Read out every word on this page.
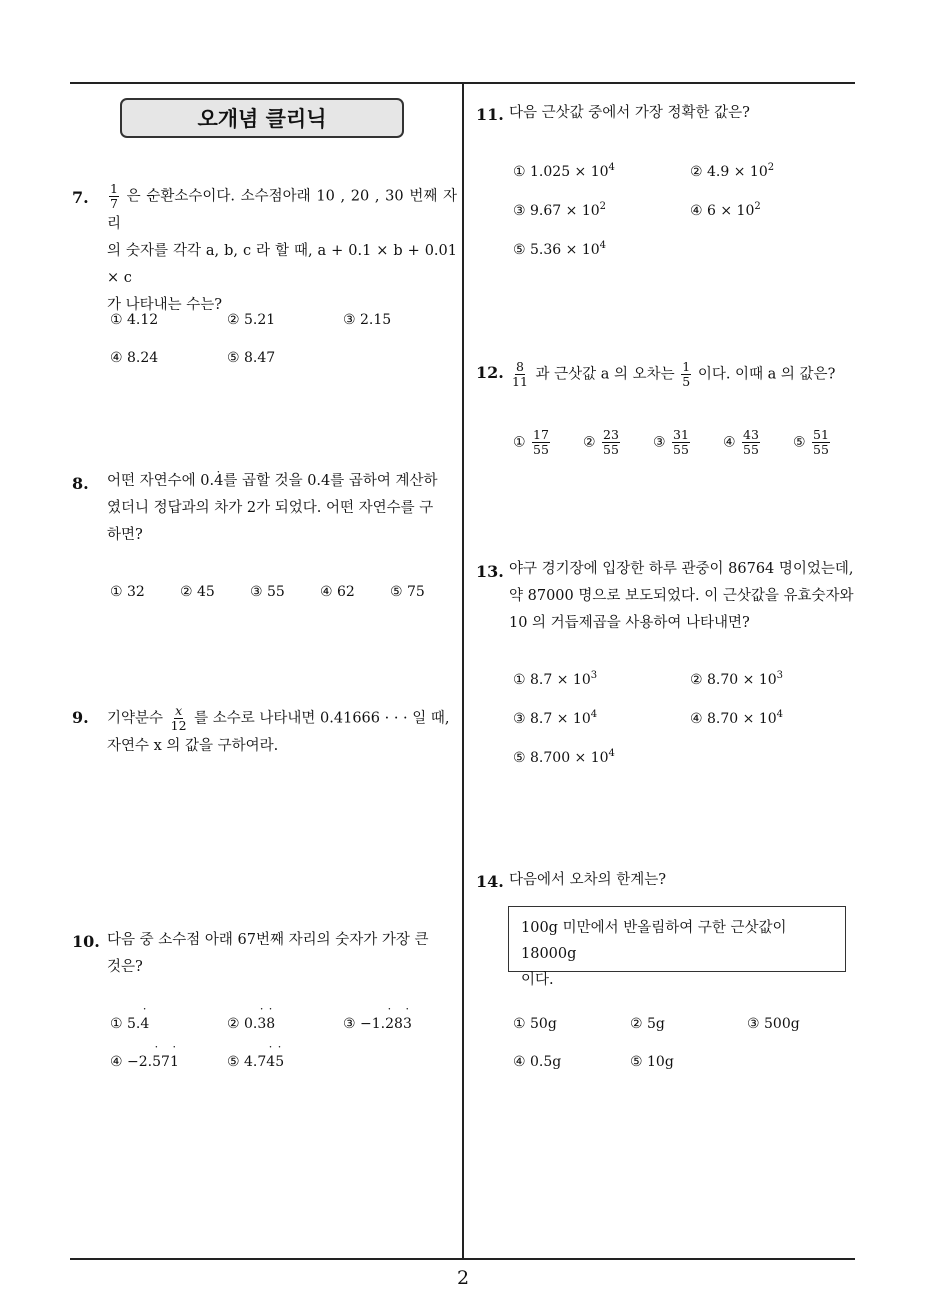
오개념 클리닉
7. $\frac{1}{7}$ 은 순환소수이다. 소수점아래 10 , 20 , 30 번째 자리
의 숫자를 각각 a, b, c 라 할 때, a + 0.1 × b + 0.01 × c
가 나타내는 수는?
① 4.12	② 5.21	③ 2.15
④ 8.24	⑤ 8.47
8. 어떤 자연수에 0.4 ˙를 곱할 것을 0.4를 곱하여 계산하
였더니 정답과의 차가 2가 되었다. 어떤 자연수를 구
하면?
① 32	② 45	③ 55	④ 62	⑤ 75
9. 기약분수 $\frac{x}{12}$ 를 소수로 나타내면 0.41666 · · · 일 때,
자연수 x 의 값을 구하여라.
10. 다음 중 소수점 아래 67번째 자리의 숫자가 가장 큰
것은?
① 5.4 ˙	② 0.3 ˙8 ˙	③ −1.2 ˙83 ˙
④ −2.5 ˙71 ˙	⑤ 4.74 ˙5 ˙
11. 다음 근삿값 중에서 가장 정확한 값은?
① $1.025 \times 10^4$	② $4.9 \times 10^2$
③ $9.67 \times 10^2$	④ $6 \times 10^2$
⑤ $5.36 \times 10^4$
12. $\frac{8}{11}$ 과 근삿값 a 의 오차는 $\frac{1}{5}$ 이다. 이때 a 의 값은?
① $\frac{17}{55}$ ② $\frac{23}{55}$ ③ $\frac{31}{55}$ ④ $\frac{43}{55}$ ⑤ $\frac{51}{55}$
13. 야구 경기장에 입장한 하루 관중이 86764 명이었는데,
약 87000 명으로 보도되었다. 이 근삿값을 유효숫자와
10 의 거듭제곱을 사용하여 나타내면?
① $8.7 \times 10^3$	② $8.70 \times 10^3$
③ $8.7 \times 10^4$	④ $8.70 \times 10^4$
⑤ $8.700 \times 10^4$
14. 다음에서 오차의 한계는?
100g 미만에서 반올림하여 구한 근삿값이 18000g
이다.
① 50g	② 5g	③ 500g
④ 0.5g	⑤ 10g
2
